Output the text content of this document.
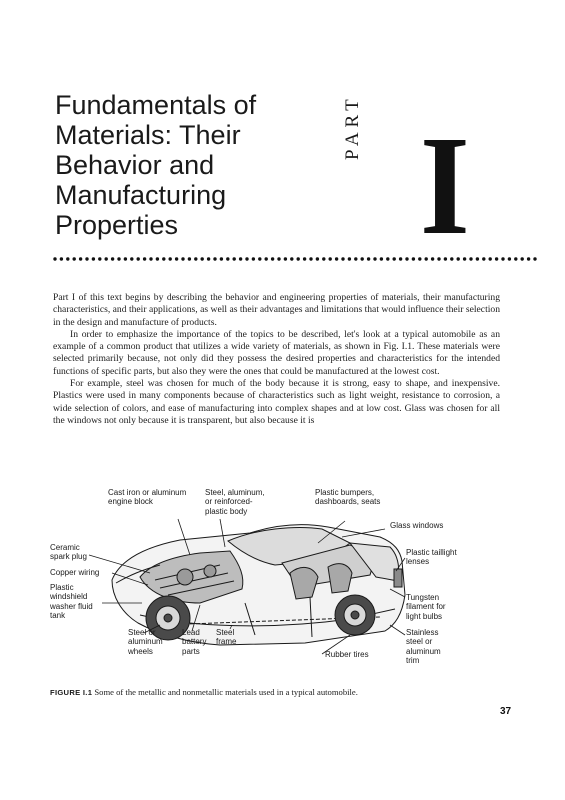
Fundamentals of
Materials: Their
Behavior and
Manufacturing
Properties
PART I

Part I of this text begins by describing the behavior and engineering properties of materials, their manufacturing characteristics, and their applications, as well as their advantages and limitations that would influence their selection in the design and manufacture of products.

In order to emphasize the importance of the topics to be described, let's look at a typical automobile as an example of a common product that utilizes a wide variety of materials, as shown in Fig. I.1. These materials were selected primarily because, not only did they possess the desired properties and characteristics for the intended functions of specific parts, but also they were the ones that could be manufactured at the lowest cost.

For example, steel was chosen for much of the body because it is strong, easy to shape, and inexpensive. Plastics were used in many components because of characteristics such as light weight, resistance to corrosion, a wide selection of colors, and ease of manufacturing into complex shapes and at low cost. Glass was chosen for all the windows not only because it is transparent, but also because it is

Cast iron or aluminum
engine block
Steel, aluminum,
or reinforced-
plastic body
Plastic bumpers,
dashboards, seats
Glass windows
Ceramic
spark plug
Copper wiring
Plastic
windshield
washer fluid
tank
Plastic taillight
lenses
Tungsten
filament for
light bulbs
Steel or
aluminum
wheels
Lead
battery
parts
Steel
frame
Rubber tires
Stainless
steel or
aluminum
trim
FIGURE I.1 Some of the metallic and nonmetallic materials used in a typical automobile.
37
